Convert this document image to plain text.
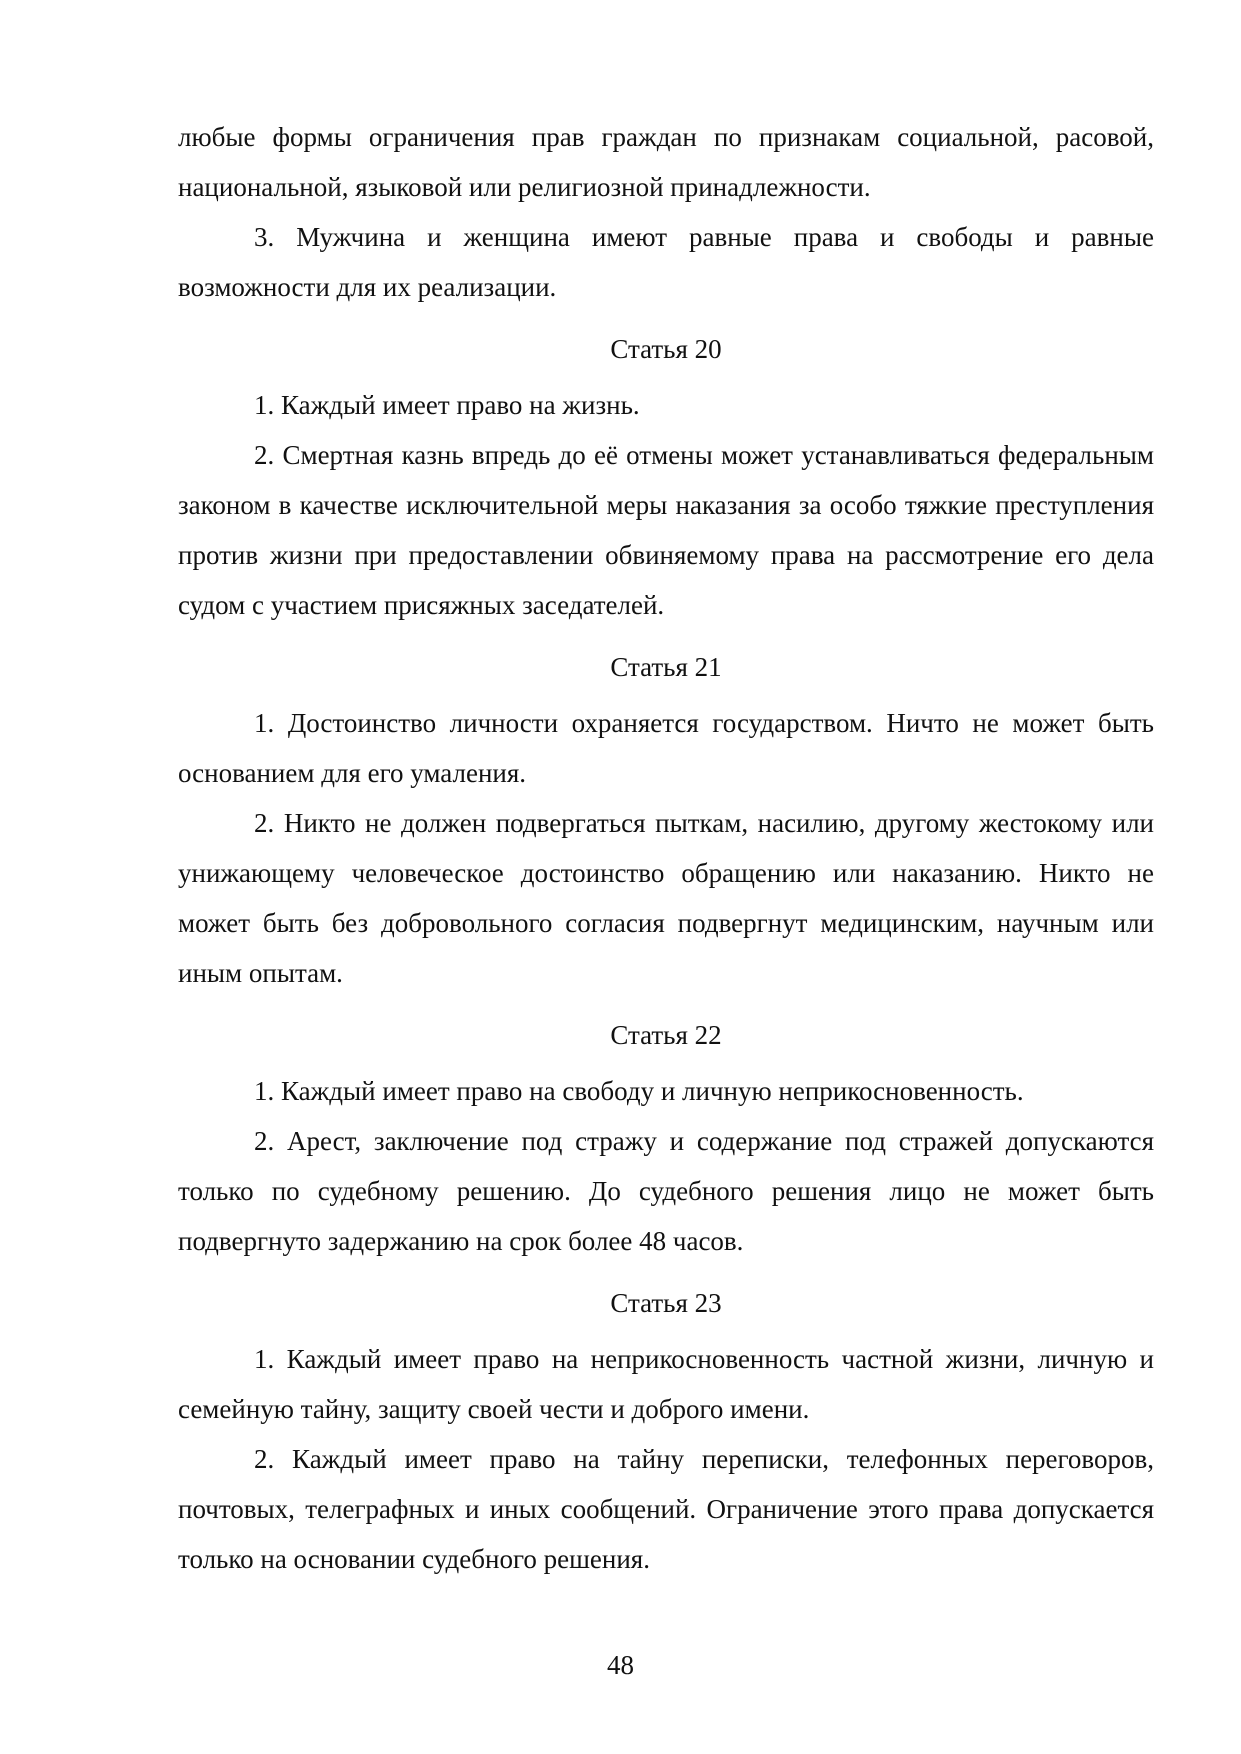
любые формы ограничения прав граждан по признакам социальной, расовой, национальной, языковой или религиозной принадлежности.

3. Мужчина и женщина имеют равные права и свободы и равные возможности для их реализации.

Статья 20

1. Каждый имеет право на жизнь.

2. Смертная казнь впредь до её отмены может устанавливаться федеральным законом в качестве исключительной меры наказания за особо тяжкие преступления против жизни при предоставлении обвиняемому права на рассмотрение его дела судом с участием присяжных заседателей.

Статья 21

1. Достоинство личности охраняется государством. Ничто не может быть основанием для его умаления.

2. Никто не должен подвергаться пыткам, насилию, другому жестокому или унижающему человеческое достоинство обращению или наказанию. Никто не может быть без добровольного согласия подвергнут медицинским, научным или иным опытам.

Статья 22

1. Каждый имеет право на свободу и личную неприкосновенность.

2. Арест, заключение под стражу и содержание под стражей допускаются только по судебному решению. До судебного решения лицо не может быть подвергнуто задержанию на срок более 48 часов.

Статья 23

1. Каждый имеет право на неприкосновенность частной жизни, личную и семейную тайну, защиту своей чести и доброго имени.

2. Каждый имеет право на тайну переписки, телефонных переговоров, почтовых, телеграфных и иных сообщений. Ограничение этого права допускается только на основании судебного решения.

48
